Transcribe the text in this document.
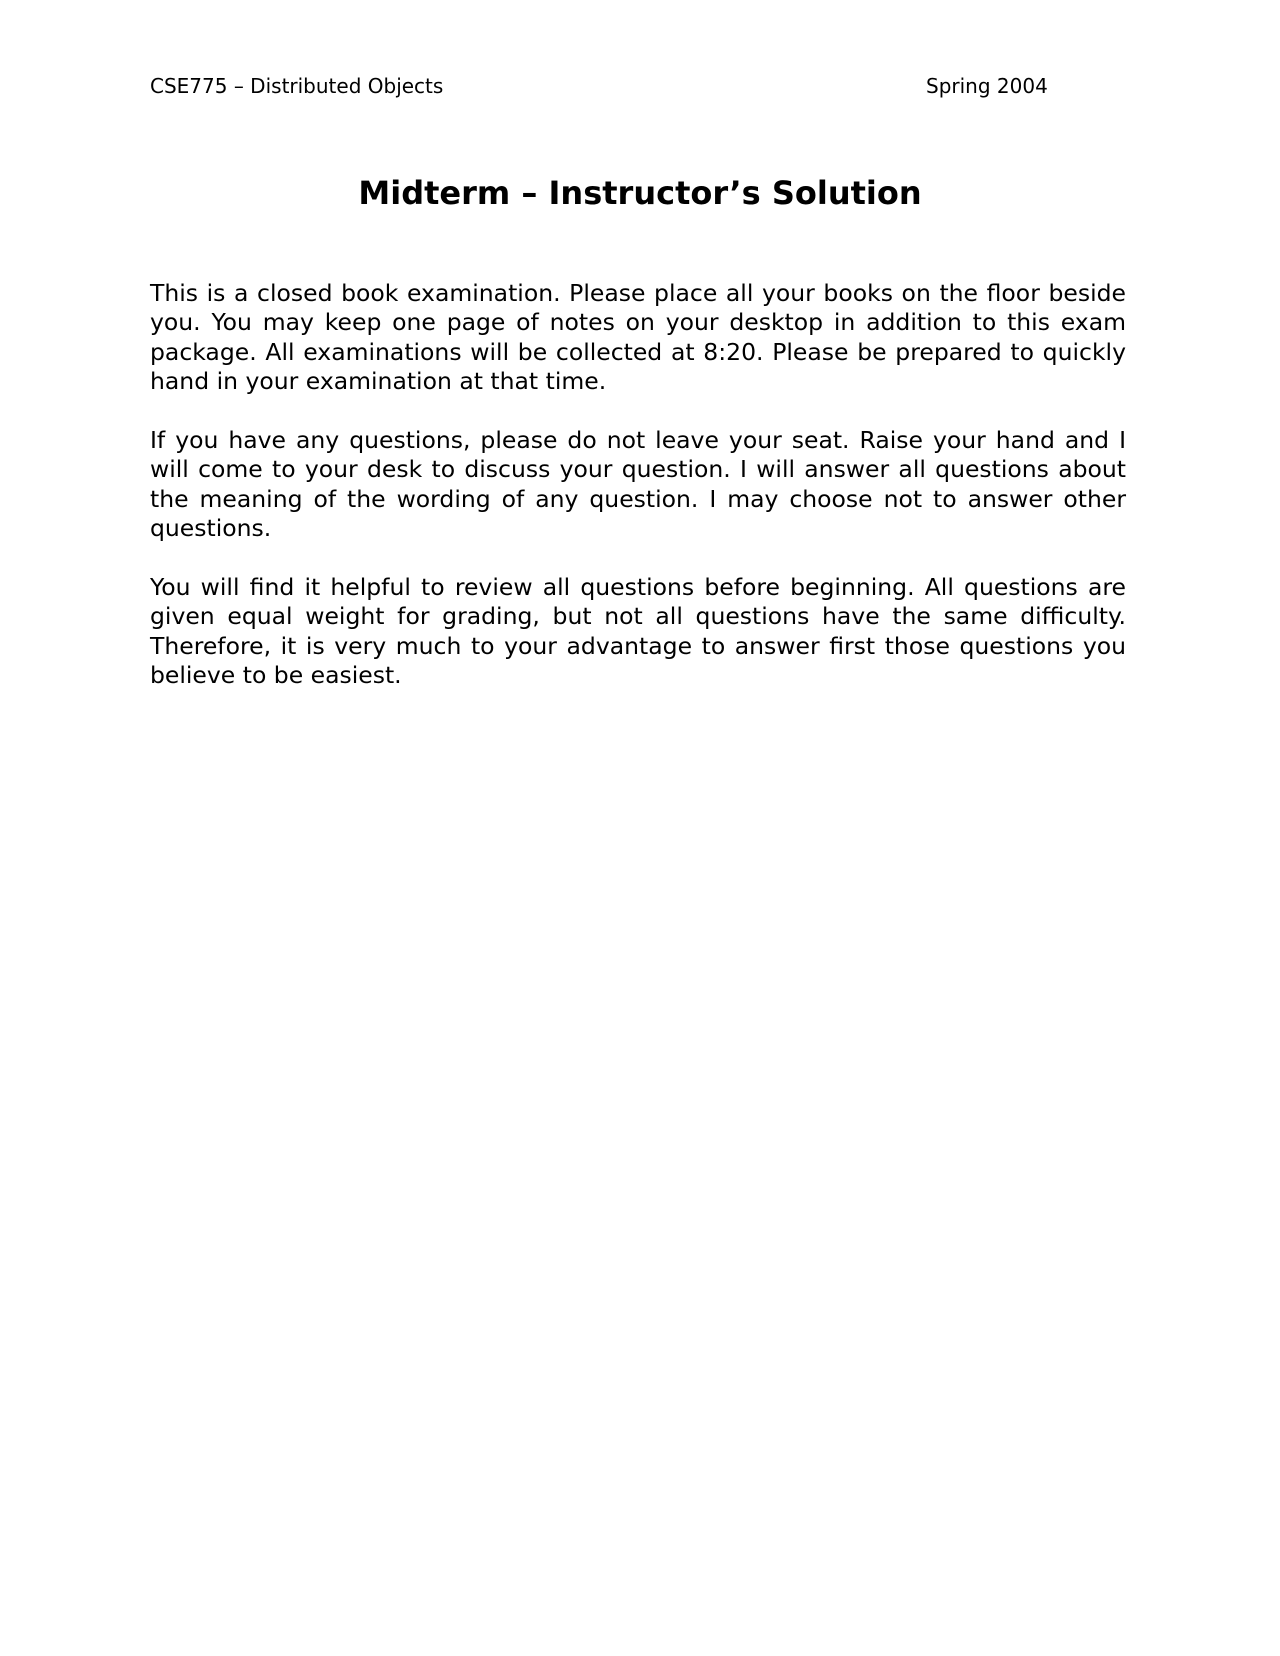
CSE775 – Distributed Objects	Spring 2004
Midterm – Instructor’s Solution

This is a closed book examination. Please place all your books on the floor beside you. You may keep one page of notes on your desktop in addition to this exam package. All examinations will be collected at 8:20. Please be prepared to quickly hand in your examination at that time.

If you have any questions, please do not leave your seat. Raise your hand and I will come to your desk to discuss your question. I will answer all questions about the meaning of the wording of any question. I may choose not to answer other questions.

You will find it helpful to review all questions before beginning. All questions are given equal weight for grading, but not all questions have the same difficulty. Therefore, it is very much to your advantage to answer first those questions you believe to be easiest.
